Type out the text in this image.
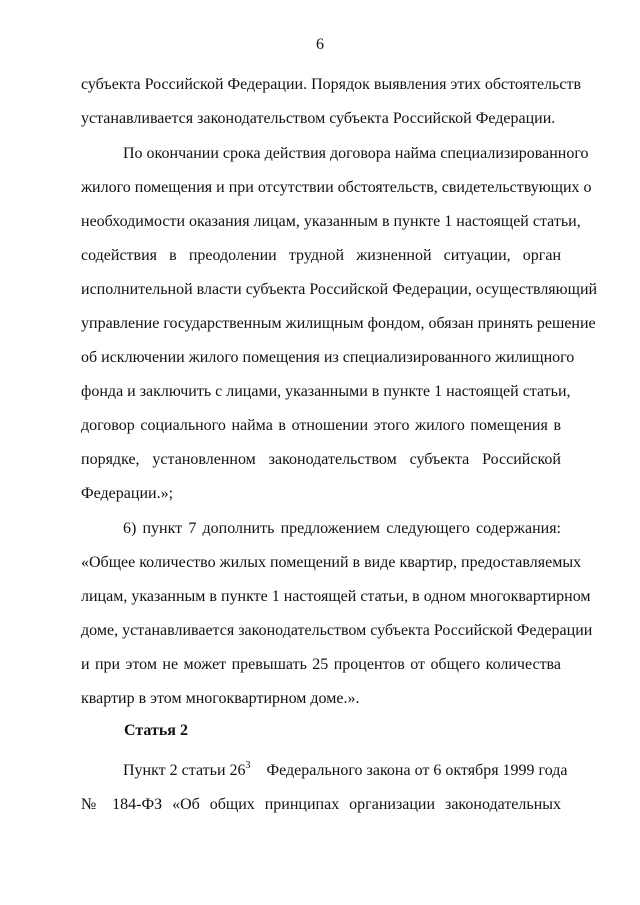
6
субъекта Российской Федерации. Порядок выявления этих обстоятельств
устанавливается законодательством субъекта Российской Федерации.
По окончании срока действия договора найма специализированного
жилого помещения и при отсутствии обстоятельств, свидетельствующих о
необходимости оказания лицам, указанным в пункте 1 настоящей статьи,
содействия в преодолении трудной жизненной ситуации, орган
исполнительной власти субъекта Российской Федерации, осуществляющий
управление государственным жилищным фондом, обязан принять решение
об исключении жилого помещения из специализированного жилищного
фонда и заключить с лицами, указанными в пункте 1 настоящей статьи,
договор социального найма в отношении этого жилого помещения в
порядке, установленном законодательством субъекта Российской
Федерации.»;
6) пункт 7 дополнить предложением следующего содержания:
«Общее количество жилых помещений в виде квартир, предоставляемых
лицам, указанным в пункте 1 настоящей статьи, в одном многоквартирном
доме, устанавливается законодательством субъекта Российской Федерации
и при этом не может превышать 25 процентов от общего количества
квартир в этом многоквартирном доме.».
Статья 2
Пункт 2 статьи $26^3$ Федерального закона от 6 октября 1999 года
№ 184-ФЗ «Об общих принципах организации законодательных
